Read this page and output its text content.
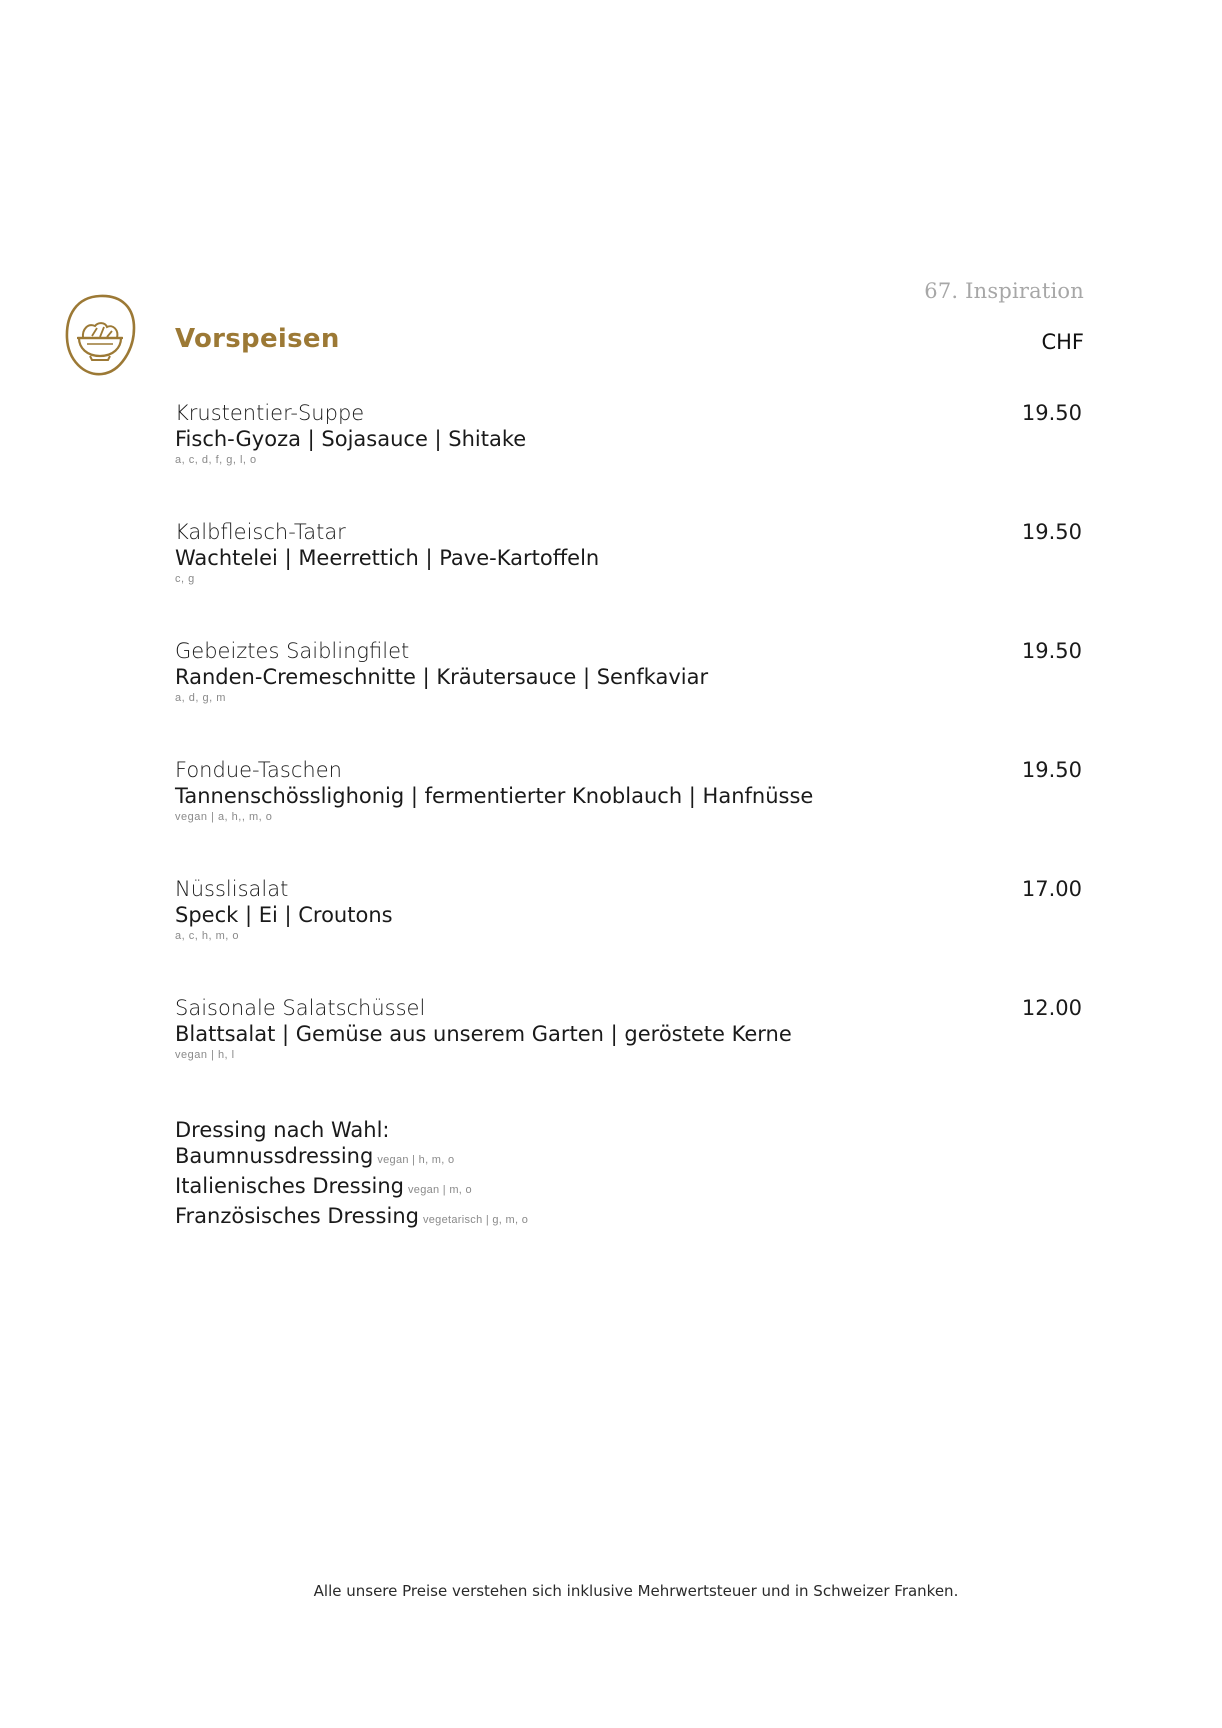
67. Inspiration
Vorspeisen	CHF
Krustentier-Suppe
Fisch-Gyoza | Sojasauce | Shitake
a, c, d, f, g, l, o
19.50
Kalbfleisch-Tatar
Wachtelei | Meerrettich | Pave-Kartoffeln
c, g
19.50
Gebeiztes Saiblingfilet
Randen-Cremeschnitte | Kräutersauce | Senfkaviar
a, d, g, m
19.50
Fondue-Taschen
Tannenschösslighonig | fermentierter Knoblauch | Hanfnüsse
vegan | a, h,, m, o
19.50
Nüsslisalat
Speck | Ei | Croutons
a, c, h, m, o
17.00
Saisonale Salatschüssel
Blattsalat | Gemüse aus unserem Garten | geröstete Kerne
vegan | h, l
12.00
Dressing nach Wahl:
Baumnussdressing vegan | h, m, o
Italienisches Dressing vegan | m, o
Französisches Dressing vegetarisch | g, m, o
Alle unsere Preise verstehen sich inklusive Mehrwertsteuer und in Schweizer Franken.
